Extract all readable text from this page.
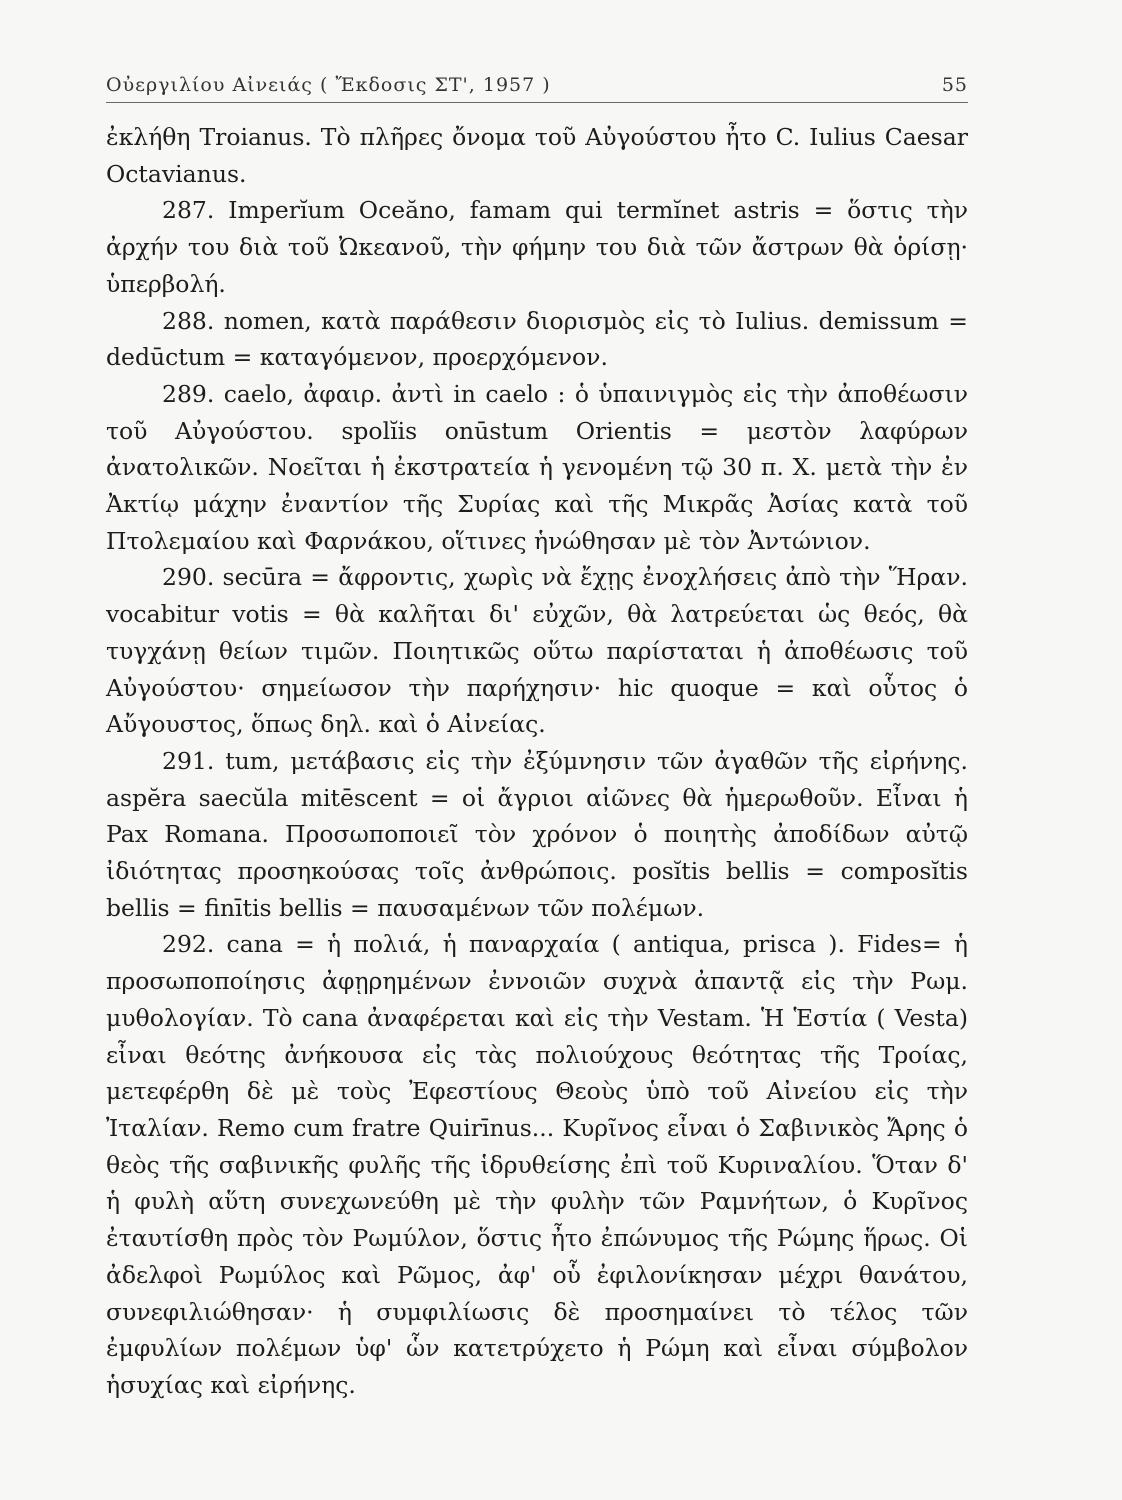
Οὐεργιλίου Αἰνειάς ( Ἔκδοσις ΣΤ', 1957 )	55

ἐκλήθη Troianus. Τὸ πλῆρες ὄνομα τοῦ Αὐγούστου ἦτο C. Iulius Caesar Octavianus.

287. Imperĭum Oceăno, famam qui termĭnet astris = ὅστις τὴν ἀρχήν του διὰ τοῦ Ὠκεανοῦ, τὴν φήμην του διὰ τῶν ἄστρων θὰ ὁρίσῃ· ὑπερβολή.

288. nomen, κατὰ παράθεσιν διορισμὸς εἰς τὸ Iulius. demissum = dedūctum = καταγόμενον, προερχόμενον.

289. caelo, ἀφαιρ. ἀντὶ in caelo : ὁ ὑπαινιγμὸς εἰς τὴν ἀποθέωσιν τοῦ Αὐγούστου. spolĭis onūstum Orientis = μεστὸν λαφύρων ἀνατολικῶν. Νοεῖται ἡ ἐκστρατεία ἡ γενομένη τῷ 30 π. Χ. μετὰ τὴν ἐν Ἀκτίῳ μάχην ἐναντίον τῆς Συρίας καὶ τῆς Μικρᾶς Ἀσίας κατὰ τοῦ Πτολεμαίου καὶ Φαρνάκου, οἵτινες ἡνώθησαν μὲ τὸν Ἀντώνιον.

290. secūra = ἄφροντις, χωρὶς νὰ ἔχῃς ἐνοχλήσεις ἀπὸ τὴν Ἥραν. vocabitur votis = θὰ καλῆται δι' εὐχῶν, θὰ λατρεύεται ὡς θεός, θὰ τυγχάνῃ θείων τιμῶν. Ποιητικῶς οὕτω παρίσταται ἡ ἀποθέωσις τοῦ Αὐγούστου· σημείωσον τὴν παρήχησιν· hic quoque = καὶ οὗτος ὁ Αὔγουστος, ὅπως δηλ. καὶ ὁ Αἰνείας.

291. tum, μετάβασις εἰς τὴν ἐξύμνησιν τῶν ἀγαθῶν τῆς εἰρήνης. aspĕra saecŭla mitēscent = οἱ ἄγριοι αἰῶνες θὰ ἡμερωθοῦν. Εἶναι ἡ Pax Romana. Προσωποποιεῖ τὸν χρόνον ὁ ποιητὴς ἀποδίδων αὐτῷ ἰδιότητας προσηκούσας τοῖς ἀνθρώποις. posĭtis bellis = composĭtis bellis = finītis bellis = παυσαμένων τῶν πολέμων.

292. cana = ἡ πολιά, ἡ παναρχαία ( antiqua, prisca ). Fides= ἡ προσωποποίησις ἀφῃρημένων ἐννοιῶν συχνὰ ἀπαντᾷ εἰς τὴν Ρωμ. μυθολογίαν. Τὸ cana ἀναφέρεται καὶ εἰς τὴν Vestam. Ἡ Ἑστία ( Vesta) εἶναι θεότης ἀνήκουσα εἰς τὰς πολιούχους θεότητας τῆς Τροίας, μετεφέρθη δὲ μὲ τοὺς Ἐφεστίους Θεοὺς ὑπὸ τοῦ Αἰνείου εἰς τὴν Ἰταλίαν. Remo cum fratre Quirīnus... Κυρῖνος εἶναι ὁ Σαβινικὸς Ἄρης ὁ θεὸς τῆς σαβινικῆς φυλῆς τῆς ἱδρυθείσης ἐπὶ τοῦ Κυριναλίου. Ὅταν δ' ἡ φυλὴ αὕτη συνεχωνεύθη μὲ τὴν φυλὴν τῶν Ραμνήτων, ὁ Κυρῖνος ἐταυτίσθη πρὸς τὸν Ρωμύλον, ὅστις ἦτο ἐπώνυμος τῆς Ρώμης ἥρως. Οἱ ἀδελφοὶ Ρωμύλος καὶ Ρῶμος, ἀφ' οὗ ἐφιλονίκησαν μέχρι θανάτου, συνεφιλιώθησαν· ἡ συμφιλίωσις δὲ προσημαίνει τὸ τέλος τῶν ἐμφυλίων πολέμων ὑφ' ὧν κατετρύχετο ἡ Ρώμη καὶ εἶναι σύμβολον ἡσυχίας καὶ εἰρήνης.
